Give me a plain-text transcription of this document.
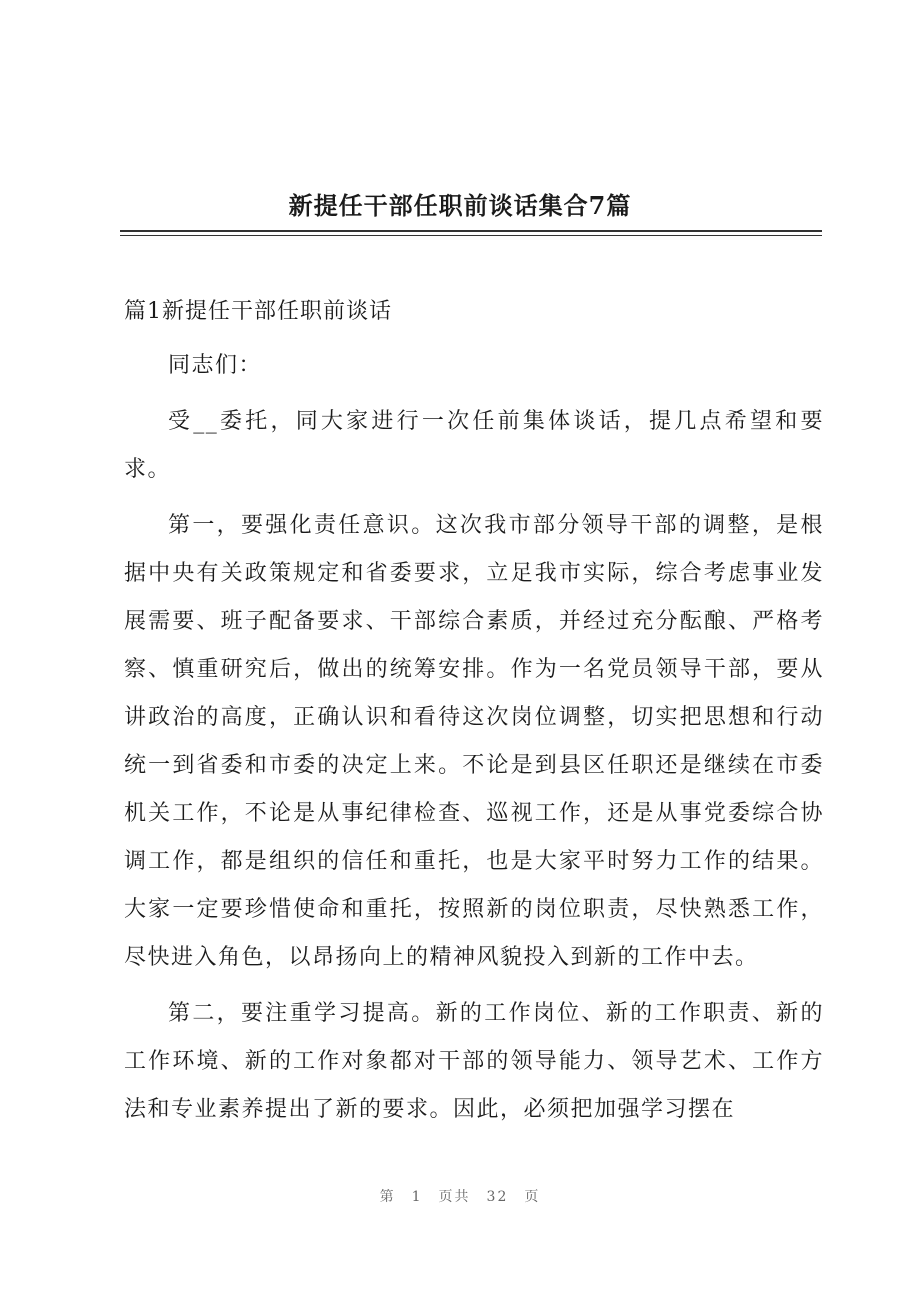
新提任干部任职前谈话集合7篇
篇1新提任干部任职前谈话

同志们：

受__委托，同大家进行一次任前集体谈话，提几点希望和要求。

第一，要强化责任意识。这次我市部分领导干部的调整，是根据中央有关政策规定和省委要求，立足我市实际，综合考虑事业发展需要、班子配备要求、干部综合素质，并经过充分酝酿、严格考察、慎重研究后，做出的统筹安排。作为一名党员领导干部，要从讲政治的高度，正确认识和看待这次岗位调整，切实把思想和行动统一到省委和市委的决定上来。不论是到县区任职还是继续在市委机关工作，不论是从事纪律检查、巡视工作，还是从事党委综合协调工作，都是组织的信任和重托，也是大家平时努力工作的结果。大家一定要珍惜使命和重托，按照新的岗位职责，尽快熟悉工作，尽快进入角色，以昂扬向上的精神风貌投入到新的工作中去。

第二，要注重学习提高。新的工作岗位、新的工作职责、新的工作环境、新的工作对象都对干部的领导能力、领导艺术、工作方法和专业素养提出了新的要求。因此，必须把加强学习摆在

第 1 页共 32 页
